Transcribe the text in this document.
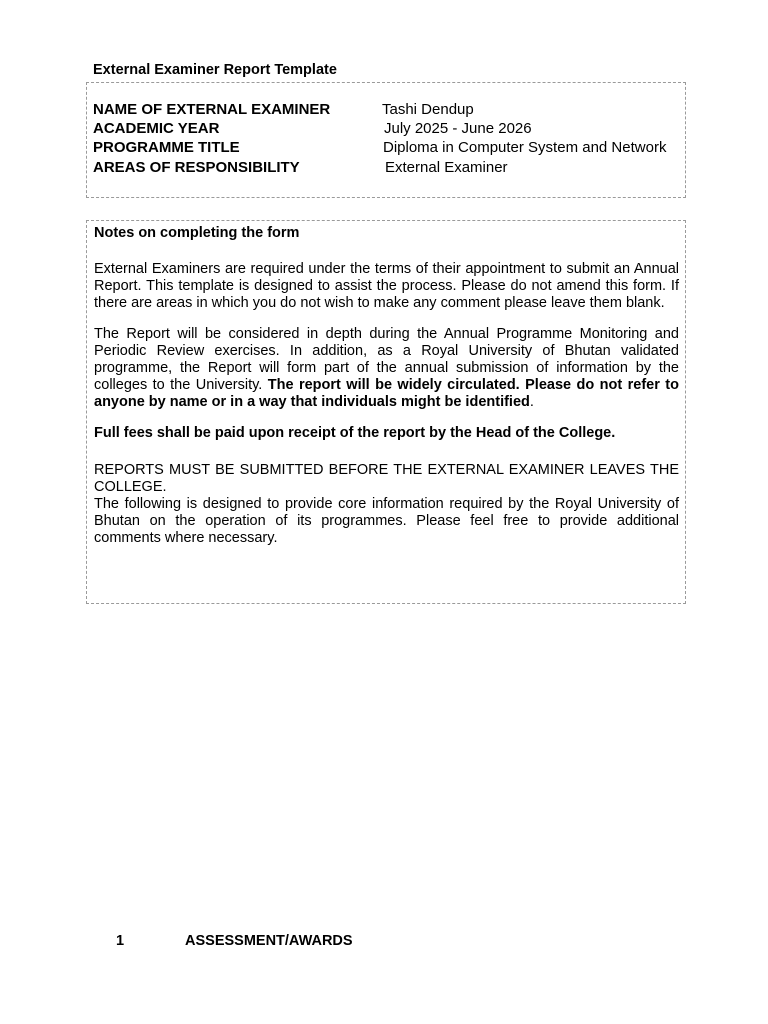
External Examiner Report Template
NAME OF EXTERNAL EXAMINER	Tashi Dendup
ACADEMIC YEAR	July 2025 - June 2026
PROGRAMME TITLE	Diploma in Computer System and Network
AREAS OF RESPONSIBILITY	External Examiner

Notes on completing the form

External Examiners are required under the terms of their appointment to submit an Annual Report. This template is designed to assist the process. Please do not amend this form. If there are areas in which you do not wish to make any comment please leave them blank.

The Report will be considered in depth during the Annual Programme Monitoring and Periodic Review exercises. In addition, as a Royal University of Bhutan validated programme, the Report will form part of the annual submission of information by the colleges to the University. The report will be widely circulated. Please do not refer to anyone by name or in a way that individuals might be identified.

Full fees shall be paid upon receipt of the report by the Head of the College.

REPORTS MUST BE SUBMITTED BEFORE THE EXTERNAL EXAMINER LEAVES THE COLLEGE.

The following is designed to provide core information required by the Royal University of Bhutan on the operation of its programmes. Please feel free to provide additional comments where necessary.

1	ASSESSMENT/AWARDS
